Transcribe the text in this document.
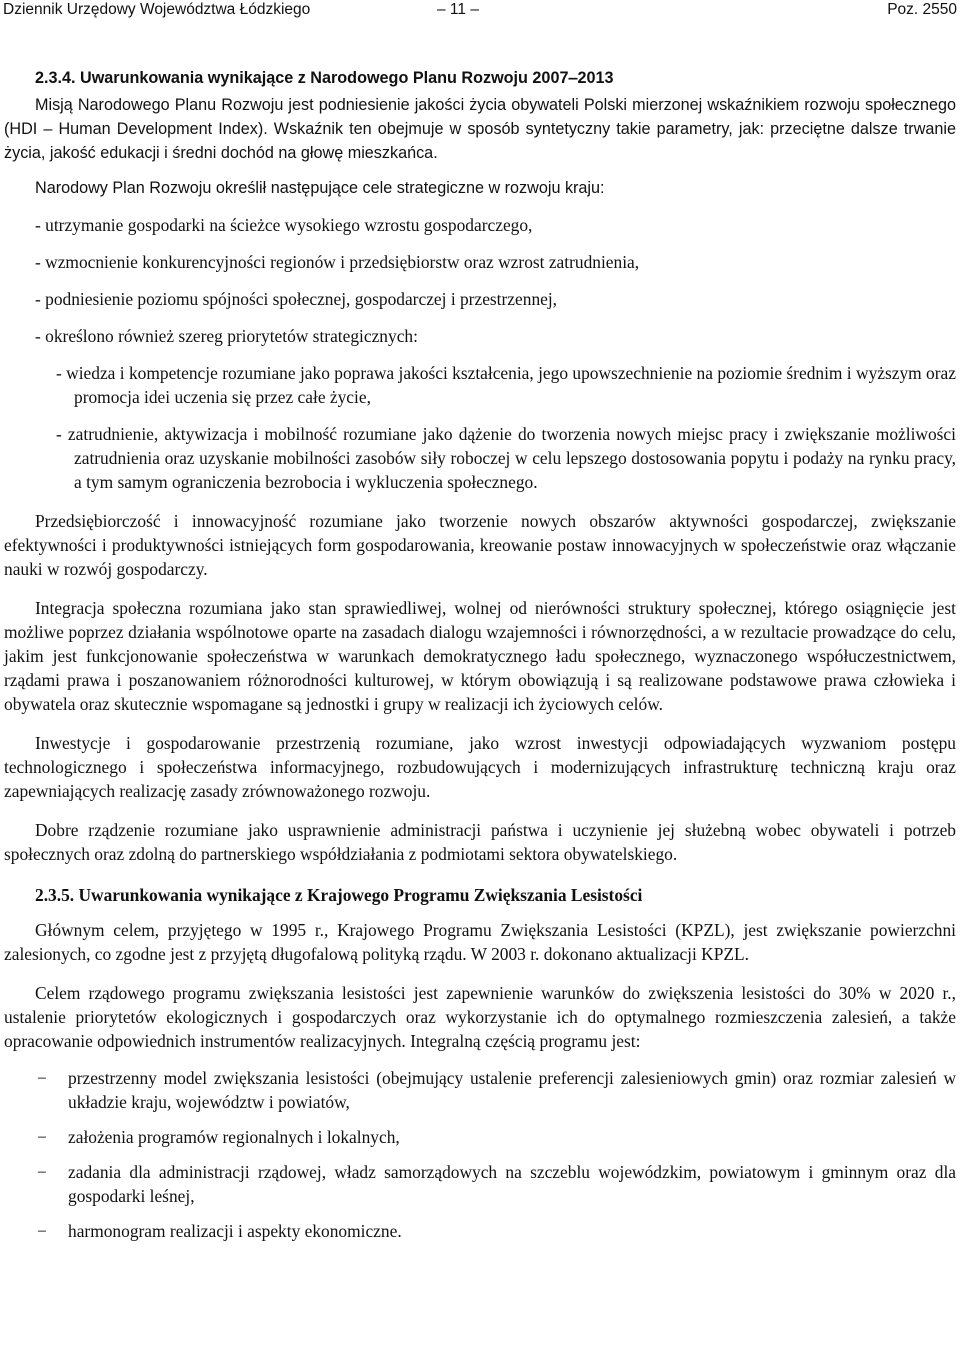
Dziennik Urzędowy Województwa Łódzkiego	– 11 –	Poz. 2550
2.3.4. Uwarunkowania wynikające z Narodowego Planu Rozwoju 2007‒2013

Misją Narodowego Planu Rozwoju jest podniesienie jakości życia obywateli Polski mierzonej wskaźnikiem rozwoju społecznego (HDI ‒ Human Development Index). Wskaźnik ten obejmuje w sposób syntetyczny takie parametry, jak: przeciętne dalsze trwanie życia, jakość edukacji i średni dochód na głowę mieszkańca.

Narodowy Plan Rozwoju określił następujące cele strategiczne w rozwoju kraju:

- utrzymanie gospodarki na ścieżce wysokiego wzrostu gospodarczego,

- wzmocnienie konkurencyjności regionów i przedsiębiorstw oraz wzrost zatrudnienia,

- podniesienie poziomu spójności społecznej, gospodarczej i przestrzennej,

- określono również szereg priorytetów strategicznych:

- wiedza i kompetencje rozumiane jako poprawa jakości kształcenia, jego upowszechnienie na poziomie średnim i wyższym oraz promocja idei uczenia się przez całe życie,

- zatrudnienie, aktywizacja i mobilność rozumiane jako dążenie do tworzenia nowych miejsc pracy i zwiększanie możliwości zatrudnienia oraz uzyskanie mobilności zasobów siły roboczej w celu lepszego dostosowania popytu i podaży na rynku pracy, a tym samym ograniczenia bezrobocia i wykluczenia społecznego.

Przedsiębiorczość i innowacyjność rozumiane jako tworzenie nowych obszarów aktywności gospodarczej, zwiększanie efektywności i produktywności istniejących form gospodarowania, kreowanie postaw innowacyjnych w społeczeństwie oraz włączanie nauki w rozwój gospodarczy.

Integracja społeczna rozumiana jako stan sprawiedliwej, wolnej od nierówności struktury społecznej, którego osiągnięcie jest możliwe poprzez działania wspólnotowe oparte na zasadach dialogu wzajemności i równorzędności, a w rezultacie prowadzące do celu, jakim jest funkcjonowanie społeczeństwa w warunkach demokratycznego ładu społecznego, wyznaczonego współuczestnictwem, rządami prawa i poszanowaniem różnorodności kulturowej, w którym obowiązują i są realizowane podstawowe prawa człowieka i obywatela oraz skutecznie wspomagane są jednostki i grupy w realizacji ich życiowych celów.

Inwestycje i gospodarowanie przestrzenią rozumiane, jako wzrost inwestycji odpowiadających wyzwaniom postępu technologicznego i społeczeństwa informacyjnego, rozbudowujących i modernizujących infrastrukturę techniczną kraju oraz zapewniających realizację zasady zrównoważonego rozwoju.

Dobre rządzenie rozumiane jako usprawnienie administracji państwa i uczynienie jej służebną wobec obywateli i potrzeb społecznych oraz zdolną do partnerskiego współdziałania z podmiotami sektora obywatelskiego.

2.3.5. Uwarunkowania wynikające z Krajowego Programu Zwiększania Lesistości

Głównym celem, przyjętego w 1995 r., Krajowego Programu Zwiększania Lesistości (KPZL), jest zwiększanie powierzchni zalesionych, co zgodne jest z przyjętą długofalową polityką rządu. W 2003 r. dokonano aktualizacji KPZL.

Celem rządowego programu zwiększania lesistości jest zapewnienie warunków do zwiększenia lesistości do 30% w 2020 r., ustalenie priorytetów ekologicznych i gospodarczych oraz wykorzystanie ich do optymalnego rozmieszczenia zalesień, a także opracowanie odpowiednich instrumentów realizacyjnych. Integralną częścią programu jest:

− przestrzenny model zwiększania lesistości (obejmujący ustalenie preferencji zalesieniowych gmin) oraz rozmiar zalesień w układzie kraju, województw i powiatów,
− założenia programów regionalnych i lokalnych,
− zadania dla administracji rządowej, władz samorządowych na szczeblu wojewódzkim, powiatowym i gminnym oraz dla gospodarki leśnej,
− harmonogram realizacji i aspekty ekonomiczne.
